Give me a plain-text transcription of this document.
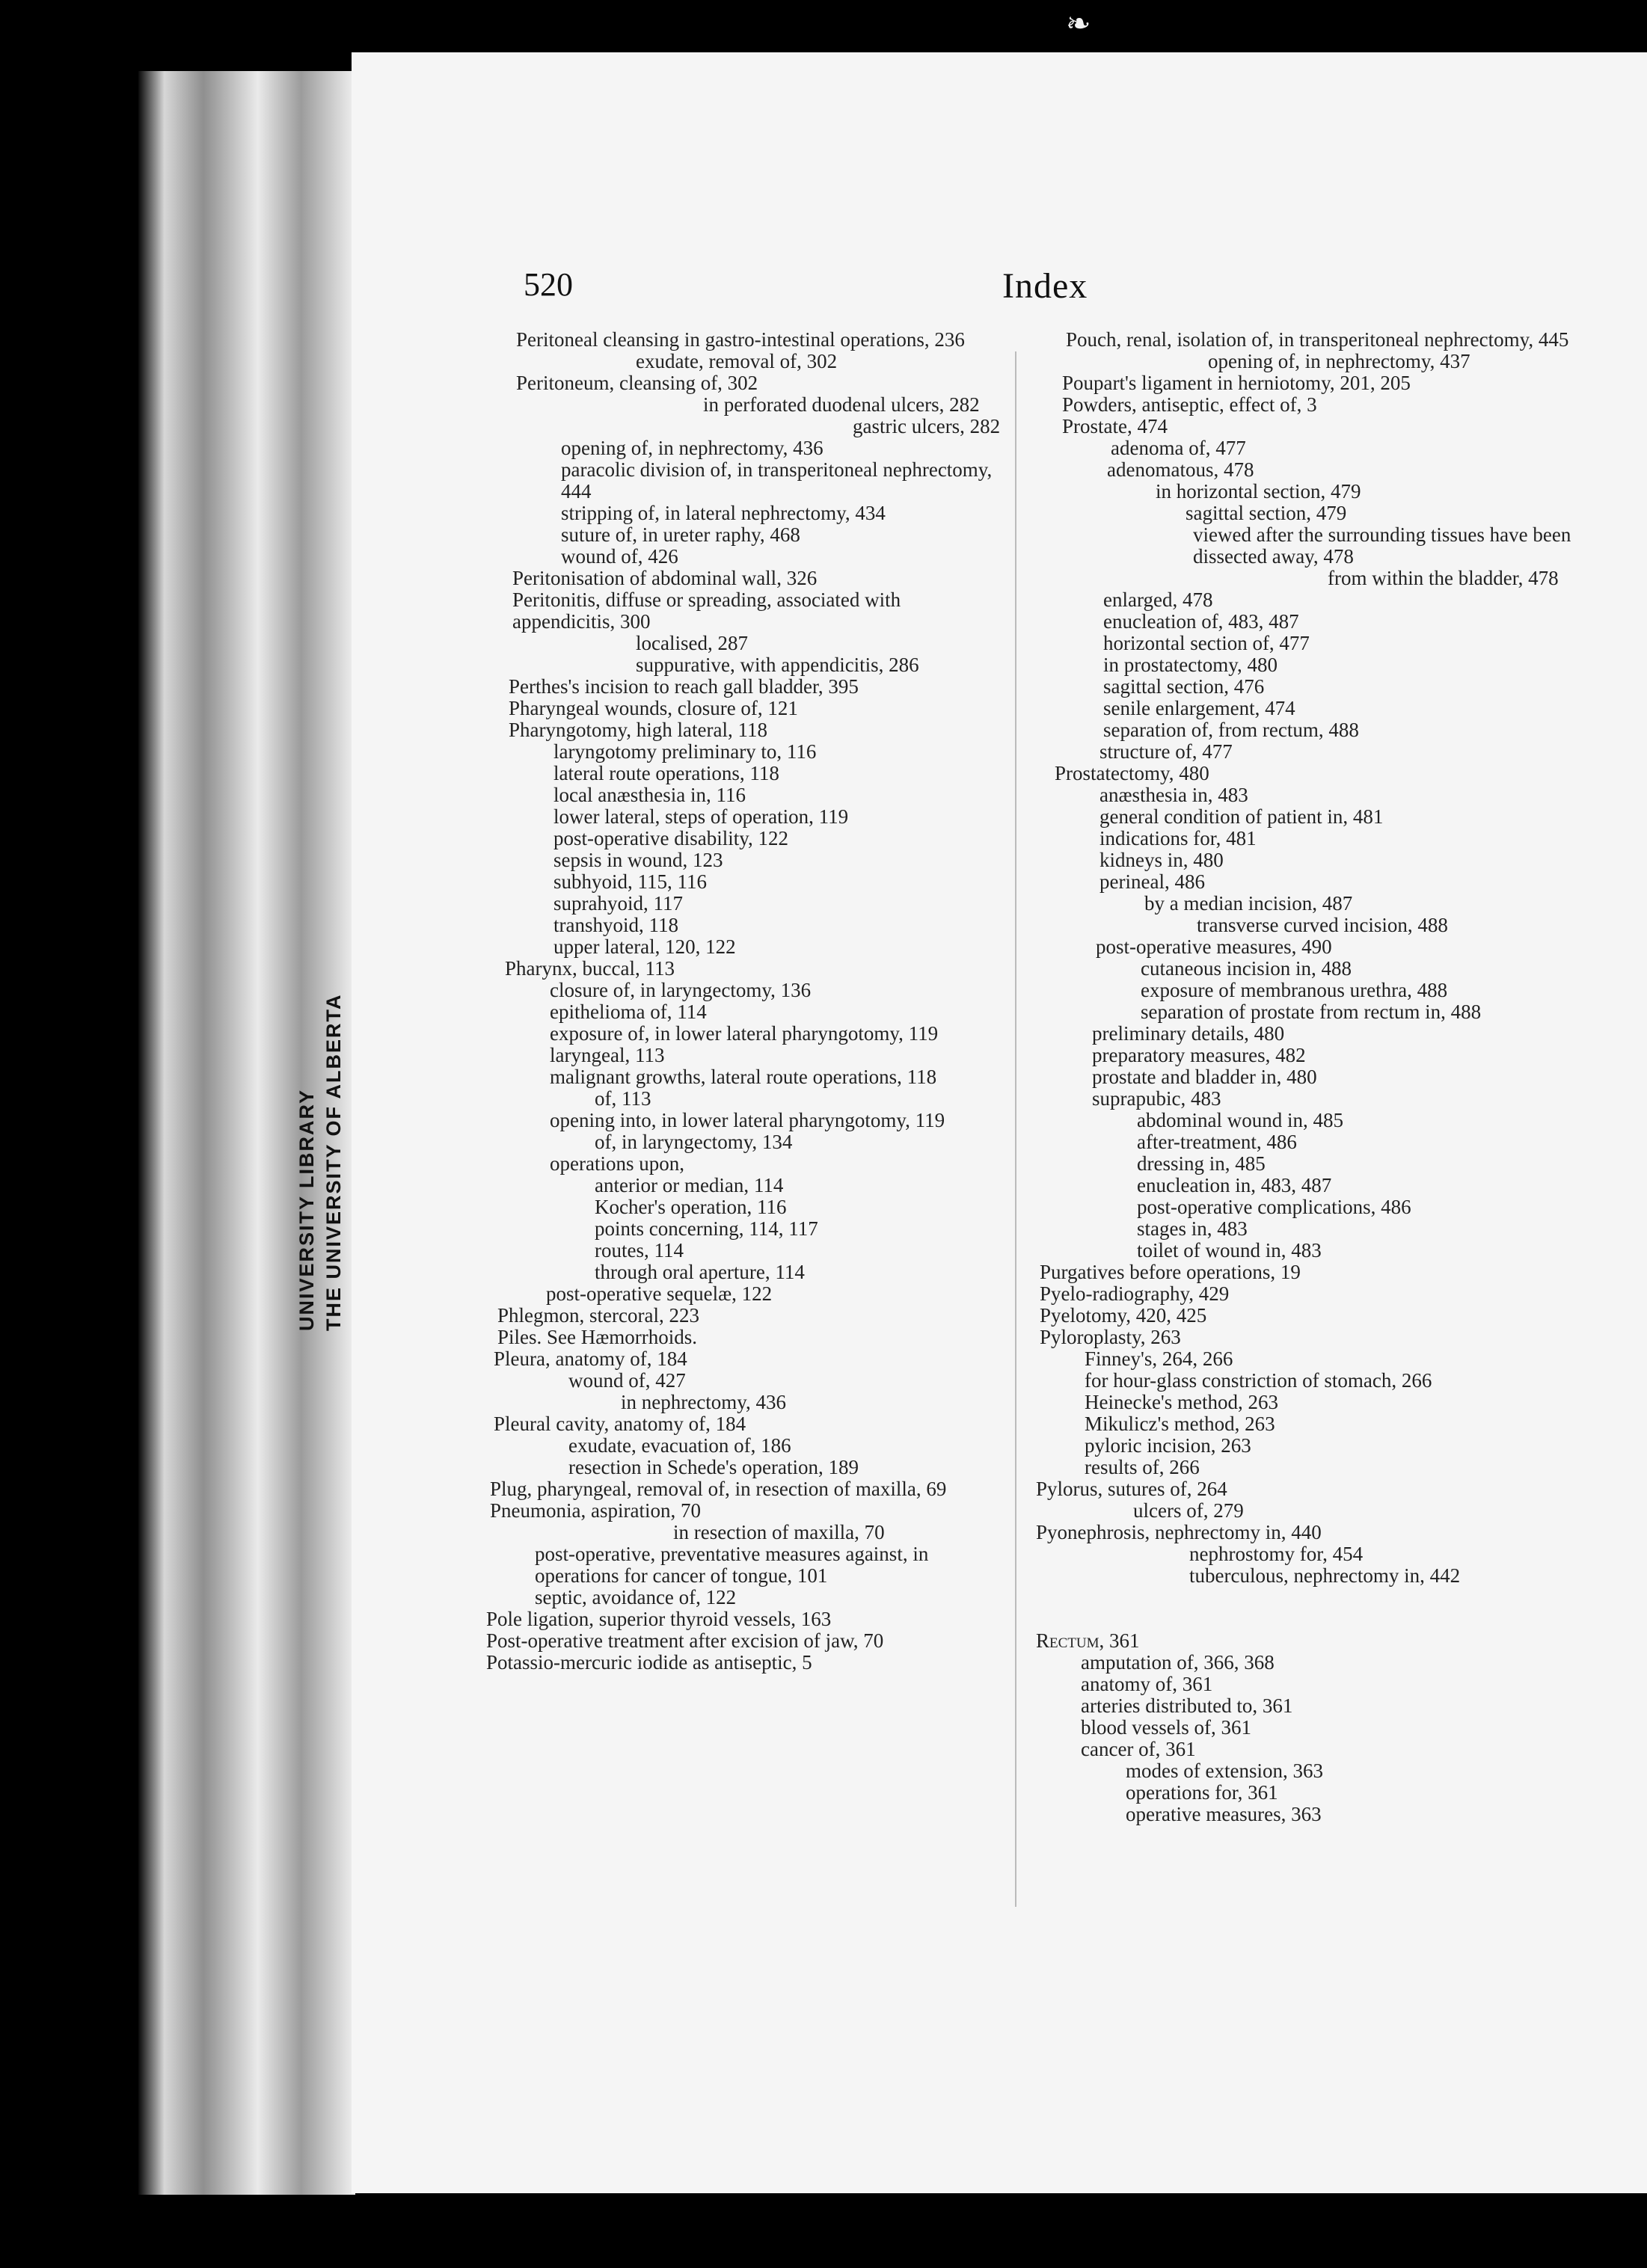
❧
UNIVERSITY LIBRARY THE UNIVERSITY OF ALBERTA
520	Index
Peritoneal cleansing in gastro-intestinal operations, 236
exudate, removal of, 302
Peritoneum, cleansing of, 302
in perforated duodenal ulcers, 282
gastric ulcers, 282
opening of, in nephrectomy, 436
paracolic division of, in transperitoneal nephrectomy, 444
stripping of, in lateral nephrectomy, 434
suture of, in ureter raphy, 468
wound of, 426
Peritonisation of abdominal wall, 326
Peritonitis, diffuse or spreading, associated with appendicitis, 300
localised, 287
suppurative, with appendicitis, 286
Perthes's incision to reach gall bladder, 395
Pharyngeal wounds, closure of, 121
Pharyngotomy, high lateral, 118
laryngotomy preliminary to, 116
lateral route operations, 118
local anæsthesia in, 116
lower lateral, steps of operation, 119
post-operative disability, 122
sepsis in wound, 123
subhyoid, 115, 116
suprahyoid, 117
transhyoid, 118
upper lateral, 120, 122
Pharynx, buccal, 113
closure of, in laryngectomy, 136
epithelioma of, 114
exposure of, in lower lateral pharyngotomy, 119
laryngeal, 113
malignant growths, lateral route operations, 118
of, 113
opening into, in lower lateral pharyngotomy, 119
of, in laryngectomy, 134
operations upon,
anterior or median, 114
Kocher's operation, 116
points concerning, 114, 117
routes, 114
through oral aperture, 114
post-operative sequelæ, 122
Phlegmon, stercoral, 223
Piles. See Hæmorrhoids.
Pleura, anatomy of, 184
wound of, 427
in nephrectomy, 436
Pleural cavity, anatomy of, 184
exudate, evacuation of, 186
resection in Schede's operation, 189
Plug, pharyngeal, removal of, in resection of maxilla, 69
Pneumonia, aspiration, 70
in resection of maxilla, 70
post-operative, preventative measures against, in operations for cancer of tongue, 101
septic, avoidance of, 122
Pole ligation, superior thyroid vessels, 163
Post-operative treatment after excision of jaw, 70
Potassio-mercuric iodide as antiseptic, 5
Pouch, renal, isolation of, in transperitoneal nephrectomy, 445
opening of, in nephrectomy, 437
Poupart's ligament in herniotomy, 201, 205
Powders, antiseptic, effect of, 3
Prostate, 474
adenoma of, 477
adenomatous, 478
in horizontal section, 479
sagittal section, 479
viewed after the surrounding tissues have been dissected away, 478
from within the bladder, 478
enlarged, 478
enucleation of, 483, 487
horizontal section of, 477
in prostatectomy, 480
sagittal section, 476
senile enlargement, 474
separation of, from rectum, 488
structure of, 477
Prostatectomy, 480
anæsthesia in, 483
general condition of patient in, 481
indications for, 481
kidneys in, 480
perineal, 486
by a median incision, 487
transverse curved incision, 488
post-operative measures, 490
cutaneous incision in, 488
exposure of membranous urethra, 488
separation of prostate from rectum in, 488
preliminary details, 480
preparatory measures, 482
prostate and bladder in, 480
suprapubic, 483
abdominal wound in, 485
after-treatment, 486
dressing in, 485
enucleation in, 483, 487
post-operative complications, 486
stages in, 483
toilet of wound in, 483
Purgatives before operations, 19
Pyelo-radiography, 429
Pyelotomy, 420, 425
Pyloroplasty, 263
Finney's, 264, 266
for hour-glass constriction of stomach, 266
Heinecke's method, 263
Mikulicz's method, 263
pyloric incision, 263
results of, 266
Pylorus, sutures of, 264
ulcers of, 279
Pyonephrosis, nephrectomy in, 440
nephrostomy for, 454
tuberculous, nephrectomy in, 442
Rectum, 361
amputation of, 366, 368
anatomy of, 361
arteries distributed to, 361
blood vessels of, 361
cancer of, 361
modes of extension, 363
operations for, 361
operative measures, 363
